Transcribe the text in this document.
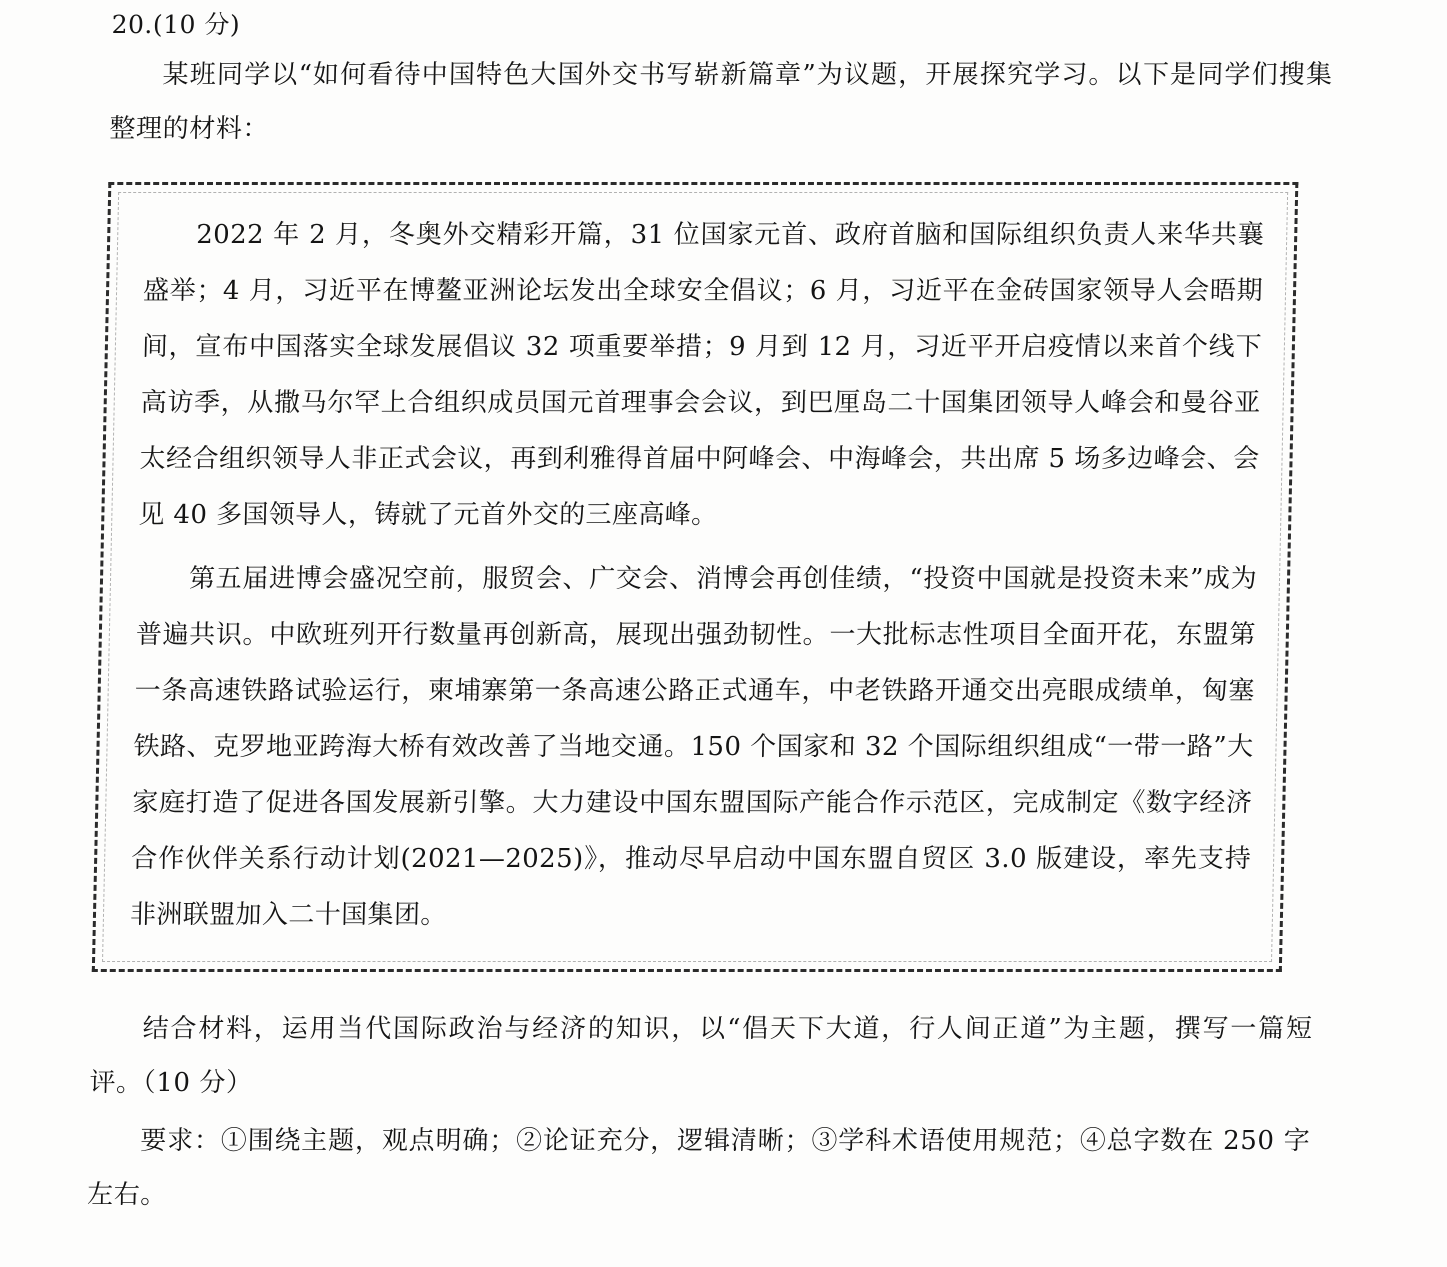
20.(10 分)

某班同学以“如何看待中国特色大国外交书写崭新篇章”为议题，开展探究学习。以下是同学们搜集整理的材料：

2022 年 2 月，冬奥外交精彩开篇，31 位国家元首、政府首脑和国际组织负责人来华共襄盛举；4 月，习近平在博鳌亚洲论坛发出全球安全倡议；6 月，习近平在金砖国家领导人会晤期间，宣布中国落实全球发展倡议 32 项重要举措；9 月到 12 月，习近平开启疫情以来首个线下高访季，从撒马尔罕上合组织成员国元首理事会会议，到巴厘岛二十国集团领导人峰会和曼谷亚太经合组织领导人非正式会议，再到利雅得首届中阿峰会、中海峰会，共出席 5 场多边峰会、会见 40 多国领导人，铸就了元首外交的三座高峰。

第五届进博会盛况空前，服贸会、广交会、消博会再创佳绩，“投资中国就是投资未来”成为普遍共识。中欧班列开行数量再创新高，展现出强劲韧性。一大批标志性项目全面开花，东盟第一条高速铁路试验运行，柬埔寨第一条高速公路正式通车，中老铁路开通交出亮眼成绩单，匈塞铁路、克罗地亚跨海大桥有效改善了当地交通。150 个国家和 32 个国际组织组成“一带一路”大家庭打造了促进各国发展新引擎。大力建设中国东盟国际产能合作示范区，完成制定《数字经济合作伙伴关系行动计划(2021—2025)》，推动尽早启动中国东盟自贸区 3.0 版建设，率先支持非洲联盟加入二十国集团。

结合材料，运用当代国际政治与经济的知识，以“倡天下大道，行人间正道”为主题，撰写一篇短评。（10 分）

要求：①围绕主题，观点明确；②论证充分，逻辑清晰；③学科术语使用规范；④总字数在 250 字左右。
